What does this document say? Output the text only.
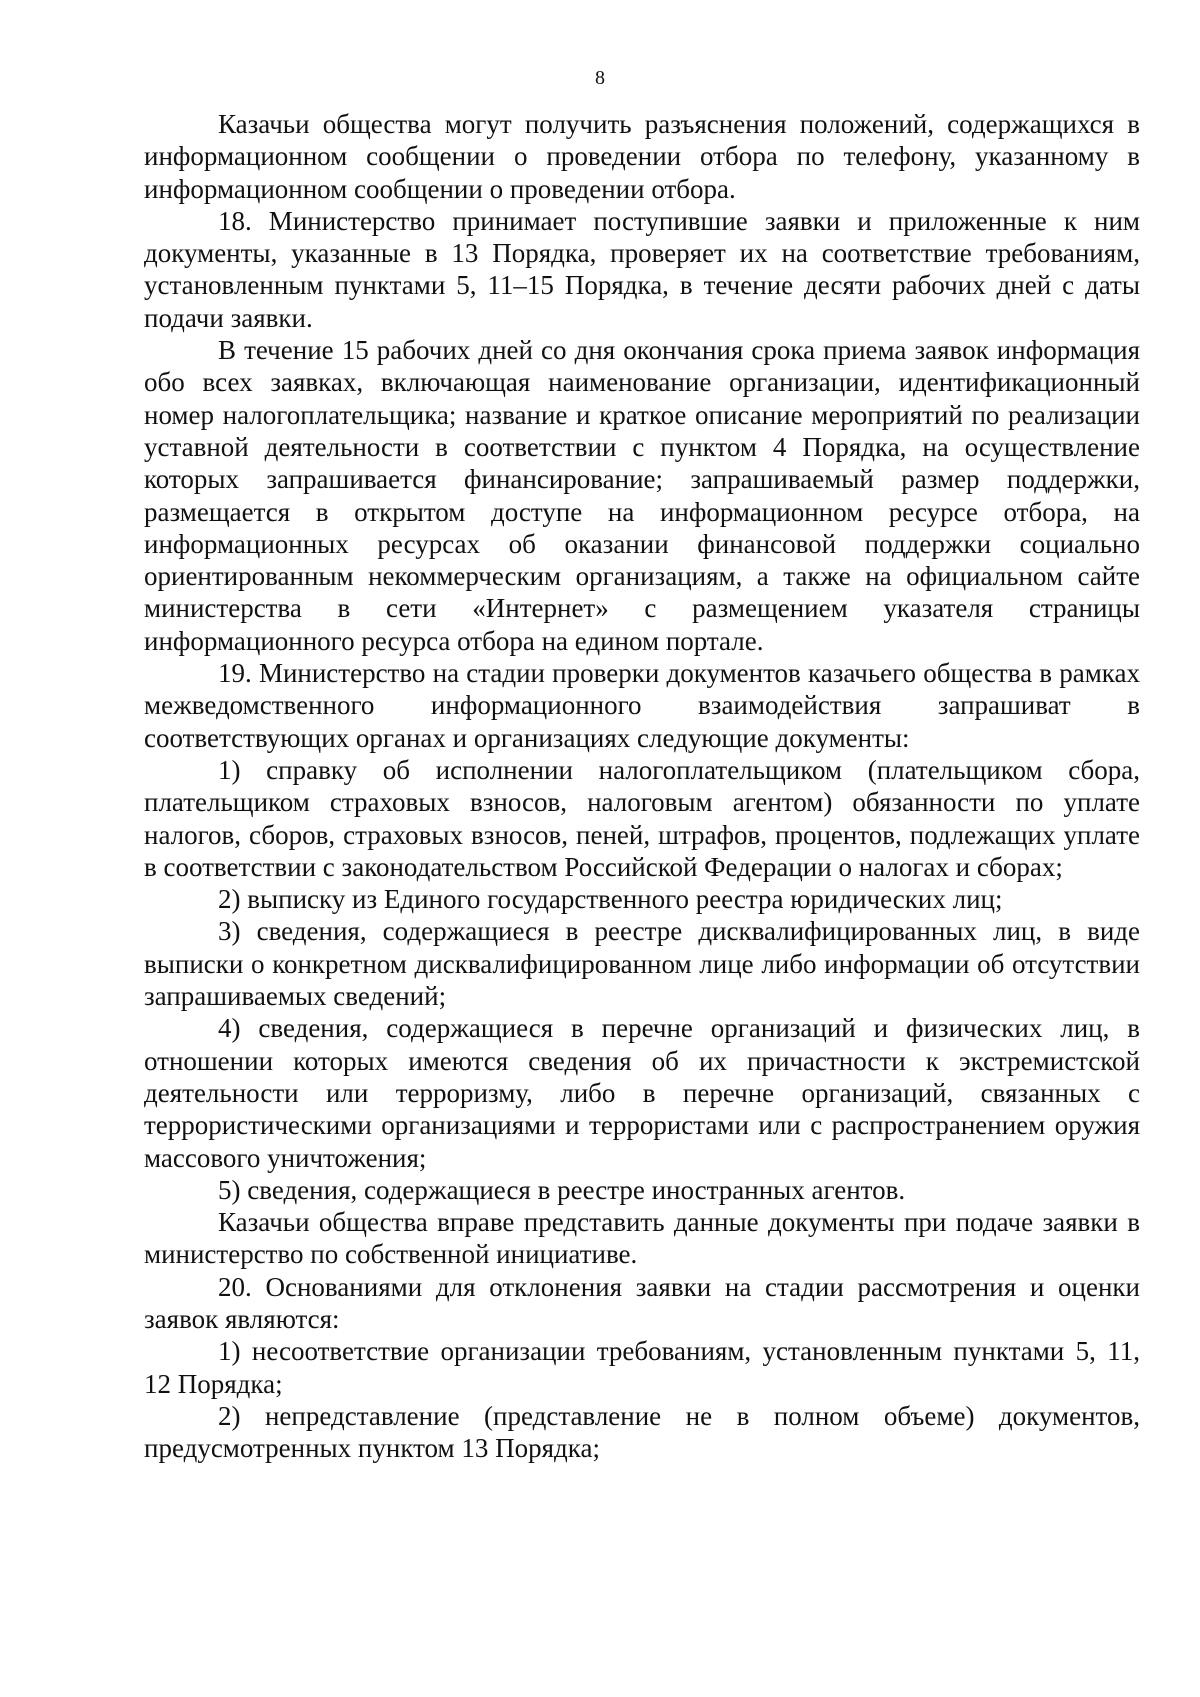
8

Казачьи общества могут получить разъяснения положений, содержащихся в информационном сообщении о проведении отбора по телефону, указанному в информационном сообщении о проведении отбора.

18. Министерство принимает поступившие заявки и приложенные к ним документы, указанные в 13 Порядка, проверяет их на соответствие требованиям, установленным пунктами 5, 11–15 Порядка, в течение десяти рабочих дней с даты подачи заявки.

В течение 15 рабочих дней со дня окончания срока приема заявок информация обо всех заявках, включающая наименование организации, идентификационный номер налогоплательщика; название и краткое описание мероприятий по реализации уставной деятельности в соответствии с пунктом 4 Порядка, на осуществление которых запрашивается финансирование; запрашиваемый размер поддержки, размещается в открытом доступе на информационном ресурсе отбора, на информационных ресурсах об оказании финансовой поддержки социально ориентированным некоммерческим организациям, а также на официальном сайте министерства в сети «Интернет» с размещением указателя страницы информационного ресурса отбора на едином портале.

19. Министерство на стадии проверки документов казачьего общества в рамках межведомственного информационного взаимодействия запрашиват в соответствующих органах и организациях следующие документы:

1) справку об исполнении налогоплательщиком (плательщиком сбора, плательщиком страховых взносов, налоговым агентом) обязанности по уплате налогов, сборов, страховых взносов, пеней, штрафов, процентов, подлежащих уплате в соответствии с законодательством Российской Федерации о налогах и сборах;

2) выписку из Единого государственного реестра юридических лиц;

3) сведения, содержащиеся в реестре дисквалифицированных лиц, в виде выписки о конкретном дисквалифицированном лице либо информации об отсутствии запрашиваемых сведений;

4) сведения, содержащиеся в перечне организаций и физических лиц, в отношении которых имеются сведения об их причастности к экстремистской деятельности или терроризму, либо в перечне организаций, связанных с террористическими организациями и террористами или с распространением оружия массового уничтожения;

5) сведения, содержащиеся в реестре иностранных агентов.

Казачьи общества вправе представить данные документы при подаче заявки в министерство по собственной инициативе.

20. Основаниями для отклонения заявки на стадии рассмотрения и оценки заявок являются:

1) несоответствие организации требованиям, установленным пунктами 5, 11, 12 Порядка;

2) непредставление (представление не в полном объеме) документов, предусмотренных пунктом 13 Порядка;
